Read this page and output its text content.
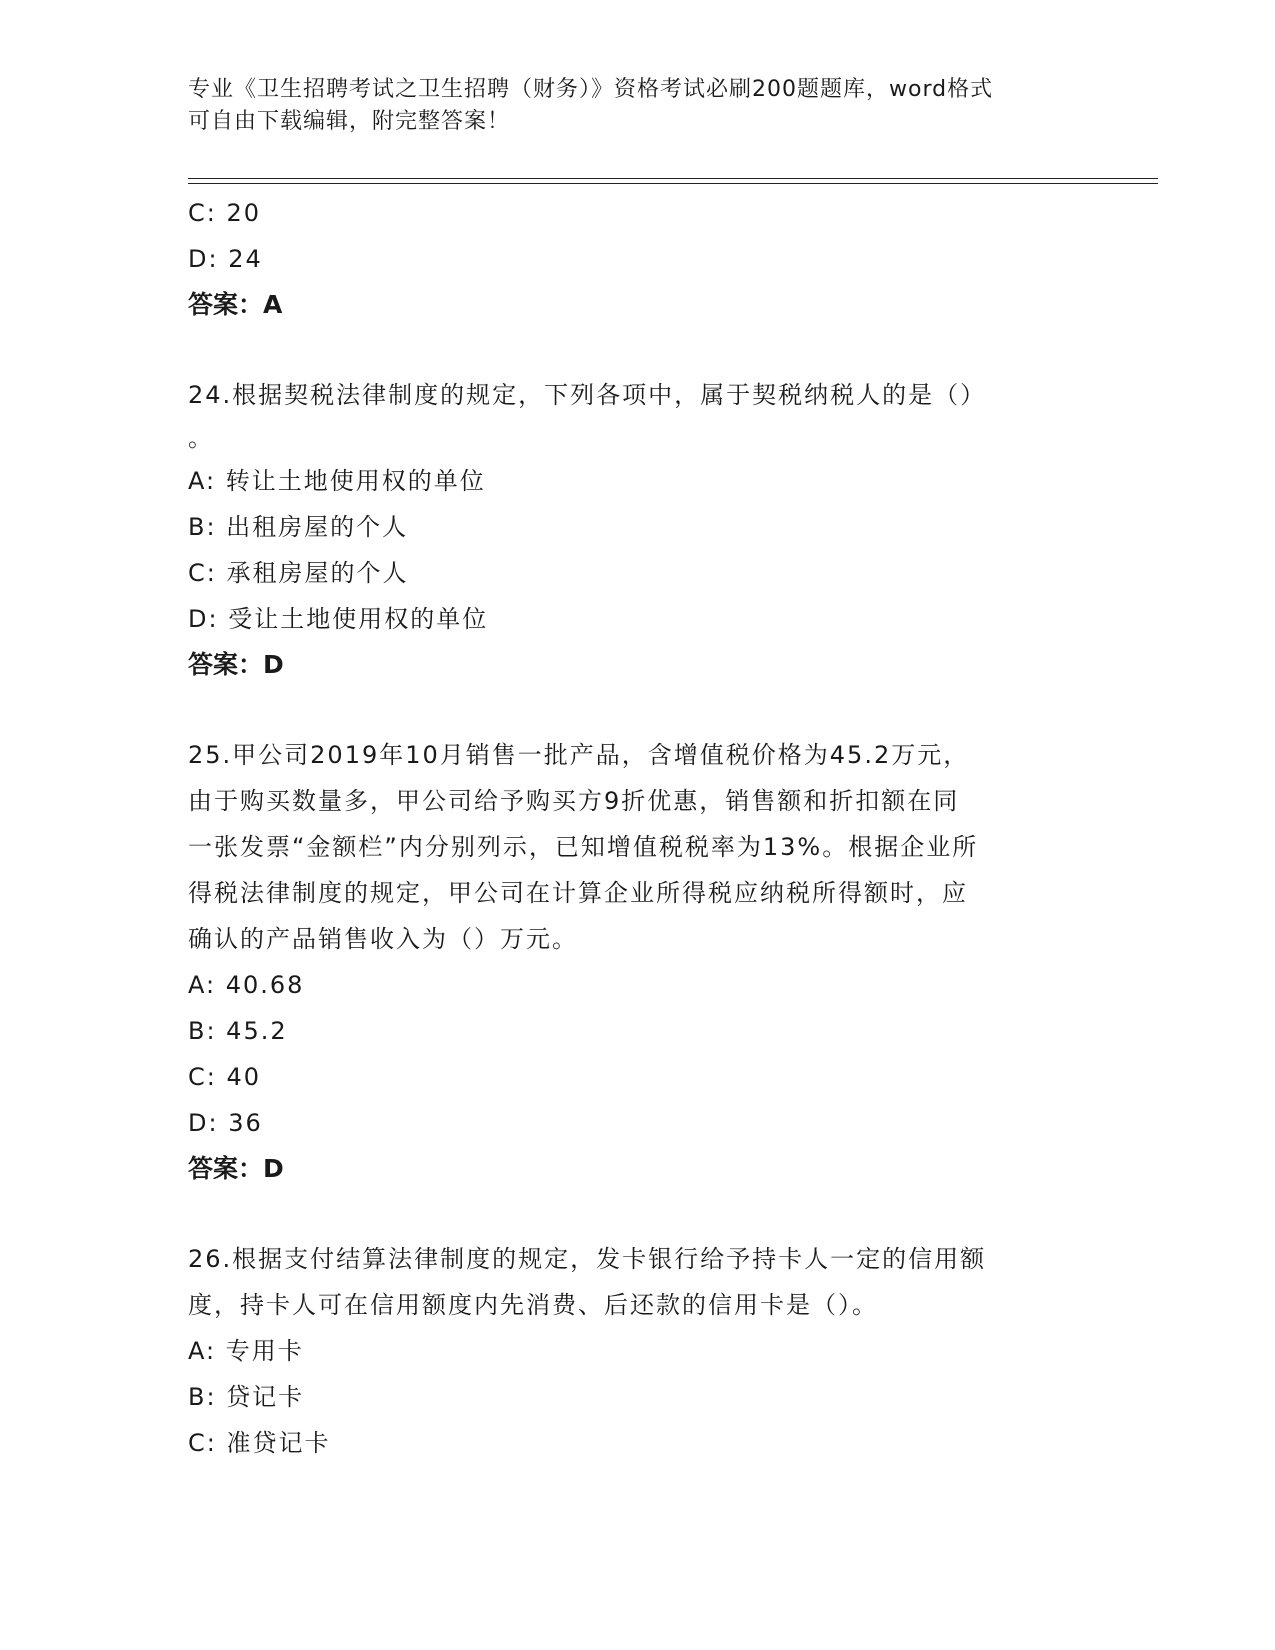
专业《卫生招聘考试之卫生招聘（财务）》资格考试必刷200题题库，word格式
可自由下载编辑，附完整答案！
C: 20
D: 24
答案：A
24.根据契税法律制度的规定，下列各项中，属于契税纳税人的是（）
。
A: 转让土地使用权的单位
B: 出租房屋的个人
C: 承租房屋的个人
D: 受让土地使用权的单位
答案：D
25.甲公司2019年10月销售一批产品，含增值税价格为45.2万元，
由于购买数量多，甲公司给予购买方9折优惠，销售额和折扣额在同
一张发票“金额栏”内分别列示，已知增值税税率为13%。根据企业所
得税法律制度的规定，甲公司在计算企业所得税应纳税所得额时，应
确认的产品销售收入为（）万元。
A: 40.68
B: 45.2
C: 40
D: 36
答案：D
26.根据支付结算法律制度的规定，发卡银行给予持卡人一定的信用额
度，持卡人可在信用额度内先消费、后还款的信用卡是（）。
A: 专用卡
B: 贷记卡
C: 准贷记卡
